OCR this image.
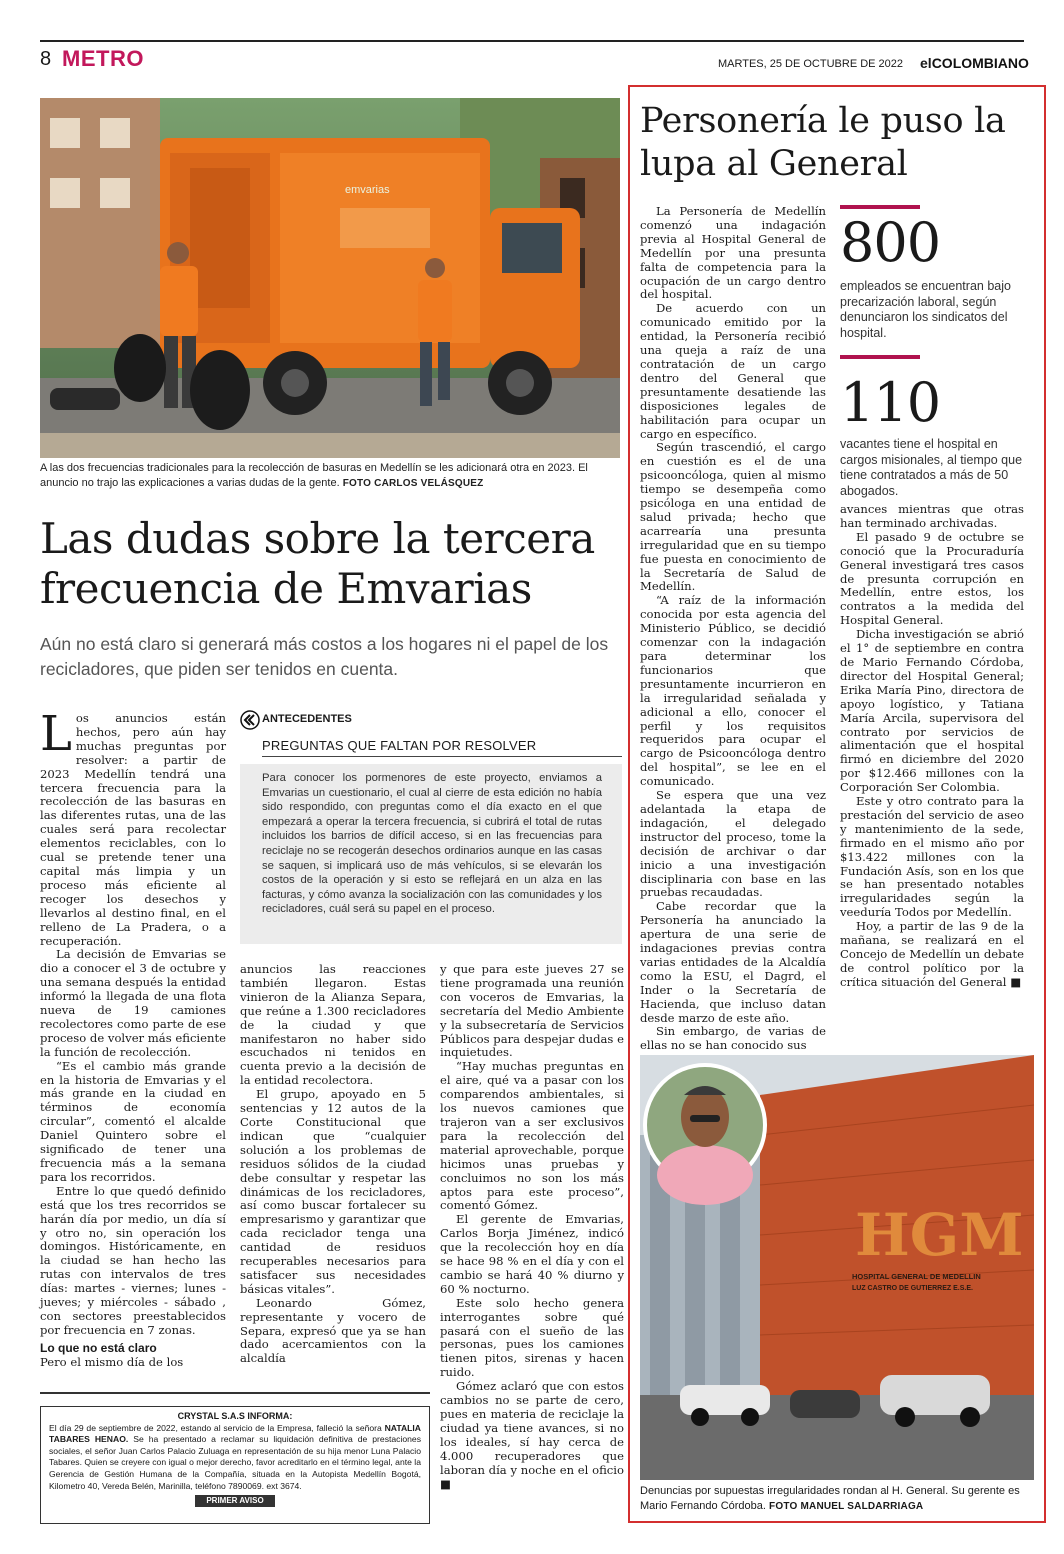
8 METRO	MARTES, 25 DE OCTUBRE DE 2022 elCOLOMBIANO
emvarias
A las dos frecuencias tradicionales para la recolección de basuras en Medellín se les adicionará otra en 2023. El anuncio no trajo las explicaciones a varias dudas de la gente. FOTO CARLOS VELÁSQUEZ
Las dudas sobre la tercera frecuencia de Emvarias
Aún no está claro si generará más costos a los hogares ni el papel de los recicladores, que piden ser tenidos en cuenta.

Los anuncios están hechos, pero aún hay muchas preguntas por resolver: a partir de 2023 Medellín tendrá una tercera frecuencia para la recolección de las basuras en las diferentes rutas, una de las cuales será para recolectar elementos reciclables, con lo cual se pretende tener una capital más limpia y un proceso más eficiente al recoger los desechos y llevarlos al destino final, en el relleno de La Pradera, o a recuperación.

La decisión de Emvarias se dio a conocer el 3 de octubre y una semana después la entidad informó la llegada de una flota nueva de 19 camiones recolectores como parte de ese proceso de volver más eficiente la función de recolección.

“Es el cambio más grande en la historia de Emvarias y el más grande en la ciudad en términos de economía circular”, comentó el alcalde Daniel Quintero sobre el significado de tener una frecuencia más a la semana para los recorridos.

Entre lo que quedó definido está que los tres recorridos se harán día por medio, un día sí y otro no, sin operación los domingos. Históricamente, en la ciudad se han hecho las rutas con intervalos de tres días: martes - viernes; lunes - jueves; y miércoles - sábado , con sectores preestablecidos por frecuencia en 7 zonas.

Lo que no está claro

Pero el mismo día de los

ANTECEDENTES
PREGUNTAS QUE FALTAN POR RESOLVER
Para conocer los pormenores de este proyecto, enviamos a Emvarias un cuestionario, el cual al cierre de esta edición no había sido respondido, con preguntas como el día exacto en el que empezará a operar la tercera frecuencia, si cubrirá el total de rutas incluidos los barrios de difícil acceso, si en las frecuencias para reciclaje no se recogerán desechos ordinarios aunque en las casas se saquen, si implicará uso de más vehículos, si se elevarán los costos de la operación y si esto se reflejará en un alza en las facturas, y cómo avanza la socialización con las comunidades y los recicladores, cuál será su papel en el proceso.

anuncios las reacciones también llegaron. Estas vinieron de la Alianza Separa, que reúne a 1.300 recicladores de la ciudad y que manifestaron no haber sido escuchados ni tenidos en cuenta previo a la decisión de la entidad recolectora.

El grupo, apoyado en 5 sentencias y 12 autos de la Corte Constitucional que indican que “cualquier solución a los problemas de residuos sólidos de la ciudad debe consultar y respetar las dinámicas de los recicladores, así como buscar fortalecer su empresarismo y garantizar que cada reciclador tenga una cantidad de residuos recuperables necesarios para satisfacer sus necesidades básicas vitales”.

Leonardo Gómez, representante y vocero de Separa, expresó que ya se han dado acercamientos con la alcaldía

y que para este jueves 27 se tiene programada una reunión con voceros de Emvarias, la secretaría del Medio Ambiente y la subsecretaría de Servicios Públicos para despejar dudas e inquietudes.

“Hay muchas preguntas en el aire, qué va a pasar con los comparendos ambientales, si los nuevos camiones que trajeron van a ser exclusivos para la recolección del material aprovechable, porque hicimos unas pruebas y concluimos no son los más aptos para este proceso”, comentó Gómez.

El gerente de Emvarias, Carlos Borja Jiménez, indicó que la recolección hoy en día se hace 98 % en el día y con el cambio se hará 40 % diurno y 60 % nocturno.

Este solo hecho genera interrogantes sobre qué pasará con el sueño de las personas, pues los camiones tienen pitos, sirenas y hacen ruido.

Gómez aclaró que con estos cambios no se parte de cero, pues en materia de reciclaje la ciudad ya tiene avances, si no los ideales, sí hay cerca de 4.000 recuperadores que laboran día y noche en el oficio ■

CRYSTAL S.A.S INFORMA:
El día 29 de septiembre de 2022, estando al servicio de la Empresa, falleció la señora NATALIA TABARES HENAO. Se ha presentado a reclamar su liquidación definitiva de prestaciones sociales, el señor Juan Carlos Palacio Zuluaga en representación de su hija menor Luna Palacio Tabares. Quien se creyere con igual o mejor derecho, favor acreditarlo en el término legal, ante la Gerencia de Gestión Humana de la Compañía, situada en la Autopista Medellín Bogotá, Kilometro 40, Vereda Belén, Marinilla, teléfono 7890069. ext 3674.
PRIMER AVISO
Personería le puso la lupa al General
800
empleados se encuentran bajo precarización laboral, según denunciaron los sindicatos del hospital.
110
vacantes tiene el hospital en cargos misionales, al tiempo que tiene contratados a más de 50 abogados.

La Personería de Medellín comenzó una indagación previa al Hospital General de Medellín por una presunta falta de competencia para la ocupación de un cargo dentro del hospital.

De acuerdo con un comunicado emitido por la entidad, la Personería recibió una queja a raíz de una contratación de un cargo dentro del General que presuntamente desatiende las disposiciones legales de habilitación para ocupar un cargo en específico.

Según trascendió, el cargo en cuestión es el de una psicooncóloga, quien al mismo tiempo se desempeña como psicóloga en una entidad de salud privada; hecho que acarrearía una presunta irregularidad que en su tiempo fue puesta en conocimiento de la Secretaría de Salud de Medellín.

“A raíz de la información conocida por esta agencia del Ministerio Público, se decidió comenzar con la indagación para determinar los funcionarios que presuntamente incurrieron en la irregularidad señalada y adicional a ello, conocer el perfil y los requisitos requeridos para ocupar el cargo de Psicooncóloga dentro del hospital”, se lee en el comunicado.

Se espera que una vez adelantada la etapa de indagación, el delegado instructor del proceso, tome la decisión de archivar o dar inicio a una investigación disciplinaria con base en las pruebas recaudadas.

Cabe recordar que la Personería ha anunciado la apertura de una serie de indagaciones previas contra varias entidades de la Alcaldía como la ESU, el Dagrd, el Inder o la Secretaría de Hacienda, que incluso datan desde marzo de este año.

Sin embargo, de varias de ellas no se han conocido sus

avances mientras que otras han terminado archivadas.

El pasado 9 de octubre se conoció que la Procuraduría General investigará tres casos de presunta corrupción en Medellín, entre estos, los contratos a la medida del Hospital General.

Dicha investigación se abrió el 1° de septiembre en contra de Mario Fernando Córdoba, director del Hospital General; Erika María Pino, directora de apoyo logístico, y Tatiana María Arcila, supervisora del contrato por servicios de alimentación que el hospital firmó en diciembre del 2020 por $12.466 millones con la Corporación Ser Colombia.

Este y otro contrato para la prestación del servicio de aseo y mantenimiento de la sede, firmado en el mismo año por $13.422 millones con la Fundación Asís, son en los que se han presentado notables irregularidades según la veeduría Todos por Medellín.

Hoy, a partir de las 9 de la mañana, se realizará en el Concejo de Medellín un debate de control político por la crítica situación del General ■

HGM
HOSPITAL GENERAL DE MEDELLIN
LUZ CASTRO DE GUTIERREZ E.S.E.
Denuncias por supuestas irregularidades rondan al H. General. Su gerente es Mario Fernando Córdoba. FOTO MANUEL SALDARRIAGA
